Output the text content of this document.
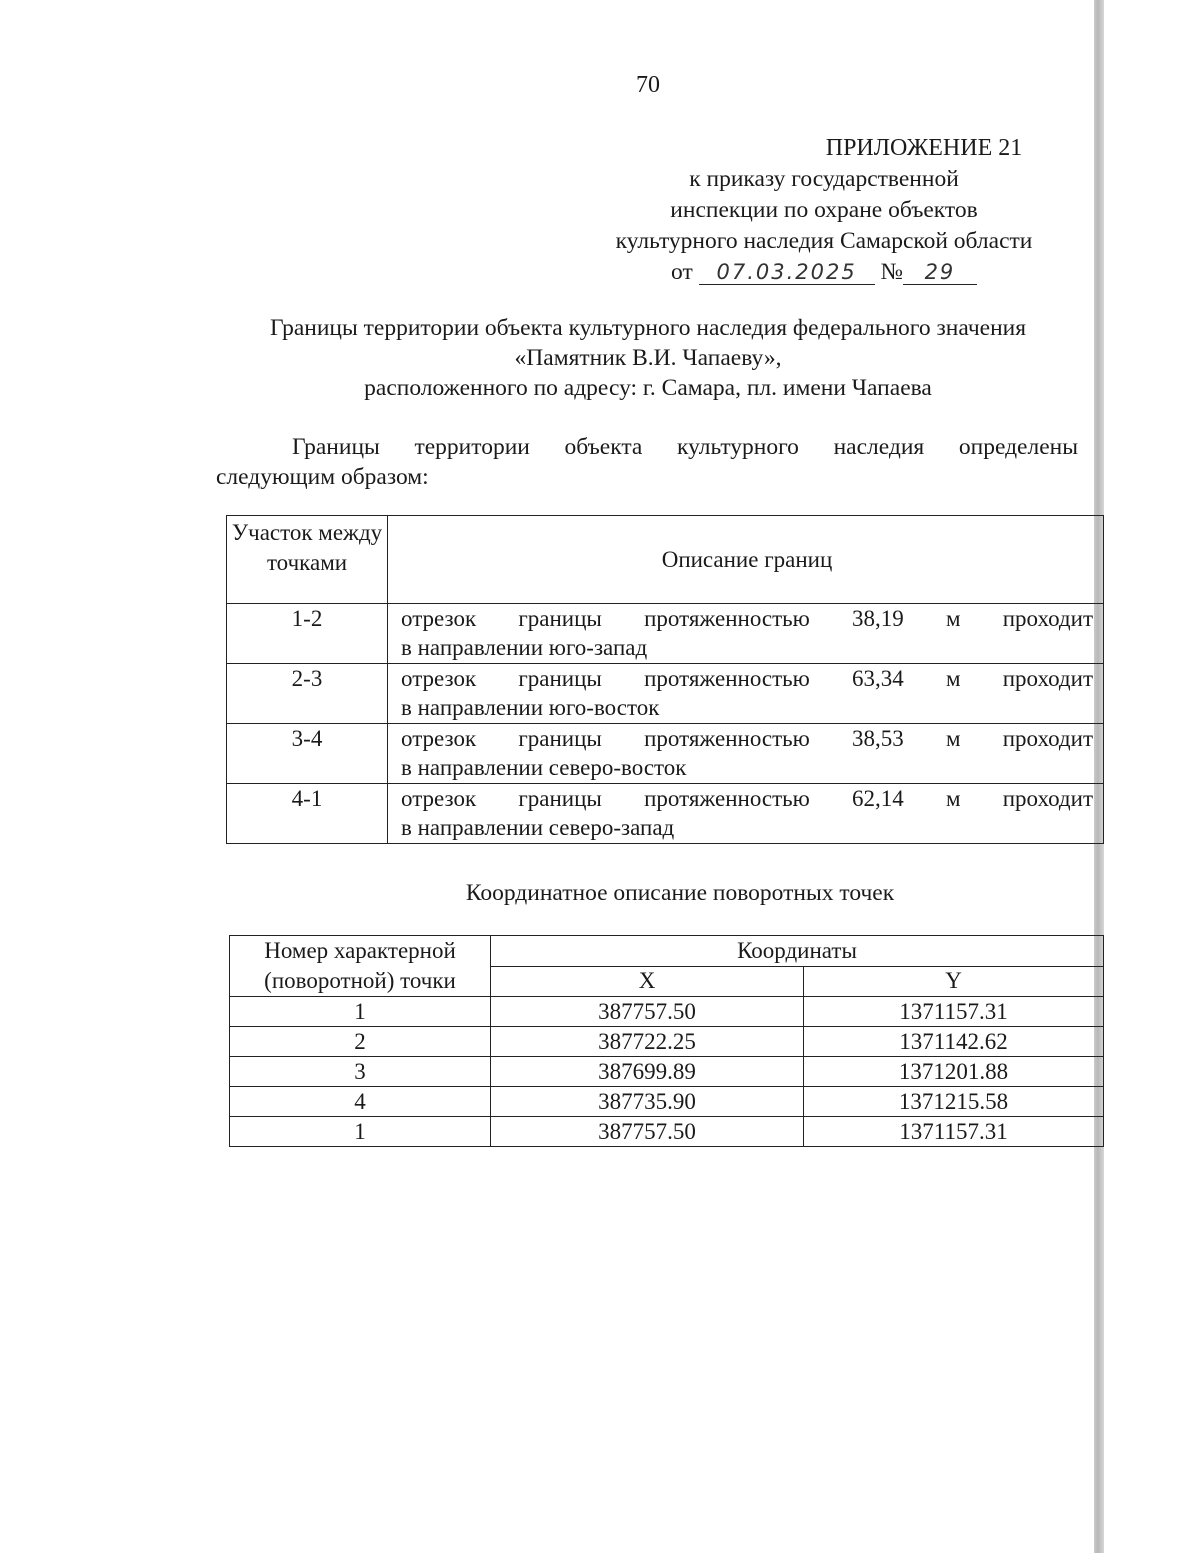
70
ПРИЛОЖЕНИЕ 21
к приказу государственной
инспекции по охране объектов
культурного наследия Самарской области
от 07.03.2025 № 29
Границы территории объекта культурного наследия федерального значения
«Памятник В.И. Чапаеву»,
расположенного по адресу: г. Самара, пл. имени Чапаева
Границы территории объекта культурного наследия определены
следующим образом:
Участок между точками	Описание границ
1-2	отрезок границы протяженностью 38,19 м проходит
в направлении юго-запад

2-3	отрезок границы протяженностью 63,34 м проходит
в направлении юго-восток

3-4	отрезок границы протяженностью 38,53 м проходит
в направлении северо-восток

4-1	отрезок границы протяженностью 62,14 м проходит
в направлении северо-запад
Координатное описание поворотных точек
Номер характерной (поворотной) точки	Координаты	
	X	Y
1	387757.50	1371157.31
2	387722.25	1371142.62
3	387699.89	1371201.88
4	387735.90	1371215.58
1	387757.50	1371157.31
